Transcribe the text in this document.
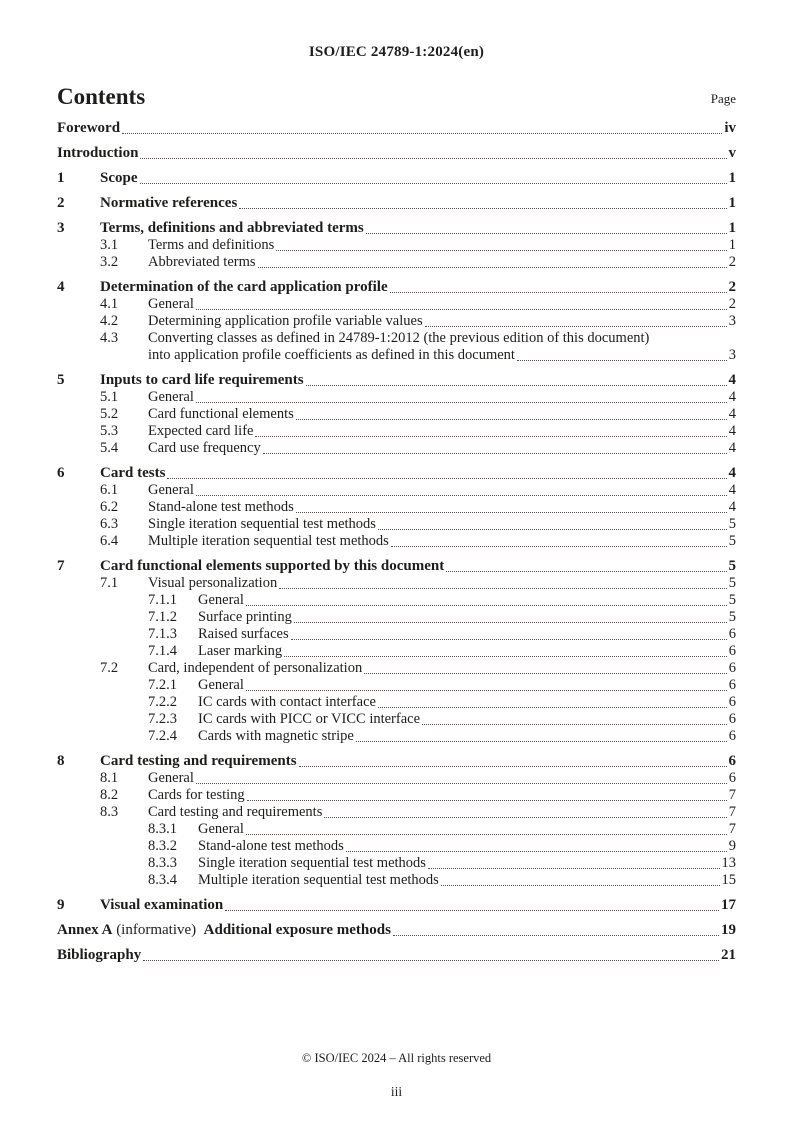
ISO/IEC 24789-1:2024(en)
Contents	Page
Foreword	iv
Introduction	v
1	Scope	1
2	Normative references	1
3	Terms, definitions and abbreviated terms	1
3.1	Terms and definitions	1
3.2	Abbreviated terms	2
4	Determination of the card application profile	2
4.1	General	2
4.2	Determining application profile variable values	3
4.3	Converting classes as defined in 24789-1:2012 (the previous edition of this document)
into application profile coefficients as defined in this document	3
5	Inputs to card life requirements	4
5.1	General	4
5.2	Card functional elements	4
5.3	Expected card life	4
5.4	Card use frequency	4
6	Card tests	4
6.1	General	4
6.2	Stand-alone test methods	4
6.3	Single iteration sequential test methods	5
6.4	Multiple iteration sequential test methods	5
7	Card functional elements supported by this document	5
7.1	Visual personalization	5
7.1.1	General	5
7.1.2	Surface printing	5
7.1.3	Raised surfaces	6
7.1.4	Laser marking	6
7.2	Card, independent of personalization	6
7.2.1	General	6
7.2.2	IC cards with contact interface	6
7.2.3	IC cards with PICC or VICC interface	6
7.2.4	Cards with magnetic stripe	6
8	Card testing and requirements	6
8.1	General	6
8.2	Cards for testing	7
8.3	Card testing and requirements	7
8.3.1	General	7
8.3.2	Stand-alone test methods	9
8.3.3	Single iteration sequential test methods	13
8.3.4	Multiple iteration sequential test methods	15
9	Visual examination	17
Annex A (informative)  Additional exposure methods	19
Bibliography	21
© ISO/IEC 2024 – All rights reserved
iii
